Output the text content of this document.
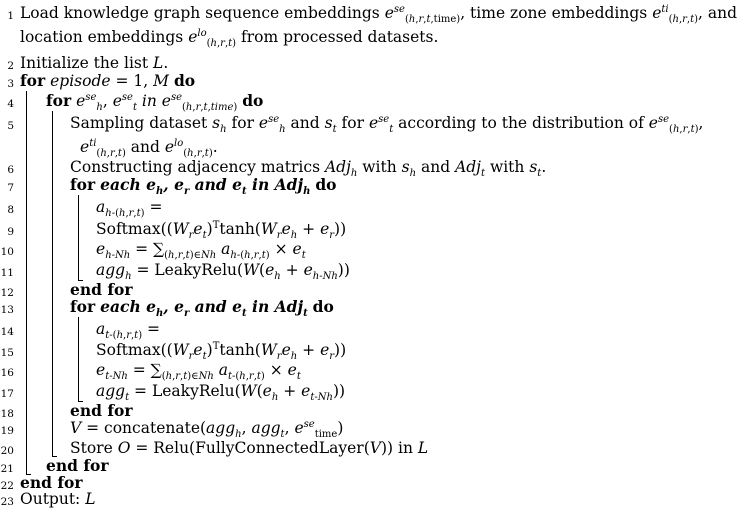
1 Load knowledge graph sequence embeddings $e^{se}_{(h,r,t,time)}$, time zone embeddings $e^{ti}_{(h,r,t)}$, and
location embeddings $e^{lo}_{(h,r,t)}$ from processed datasets.
2 Initialize the list L.
3 for episode = 1, M do
4 for $e^{se}_h$, $e^{se}_t$ in $e^{se}_{(h,r,t,time)}$ do
5	Sampling dataset $s_h$ for $e^{se}_h$ and $s_t$ for $e^{se}_t$ according to the distribution of $e^{se}_{(h,r,t)}$,
$e^{ti}_{(h,r,t)}$ and $e^{lo}_{(h,r,t)}$.
6	Constructing adjacency matrics Adj$_h$ with $s_h$ and Adj$_t$ with $s_t$.
7	for each $e_h$, $e_r$ and $e_t$ in Adj$_h$ do
8	$a_{h-(h,r,t)}$ =
9	$Softmax((W_re_t)^T\tanh(W_re_h + e_r))$
10	$e_{h-Nh} = \sum_{(h,r,t)\in Nh}$ $a_{h-(h,r,t)} \times e_t$
11	$agg_h = LeakyRelu(W(e_h + e_{h-Nh}))$
12	end for
13	for each $e_h$, $e_r$ and $e_t$ in Adj$_t$ do
14	$a_{t-(h,r,t)}$ =
15	$Softmax((W_re_t)^T\tanh(W_re_h + e_r))$
16	$e_{t-Nh} = \sum_{(h,r,t)\in Nh}$ $a_{t-(h,r,t)} \times e_t$
17	$agg_t = LeakyRelu(W(e_h + e_{t-Nh}))$
18	end for
19	V = concatenate(agg$_h$, agg$_t$, $e^{se}_{time}$)
20	Store O = Relu(FullyConnectedLayer(V)) in L
21 end for
22 end for
23 Output: L
